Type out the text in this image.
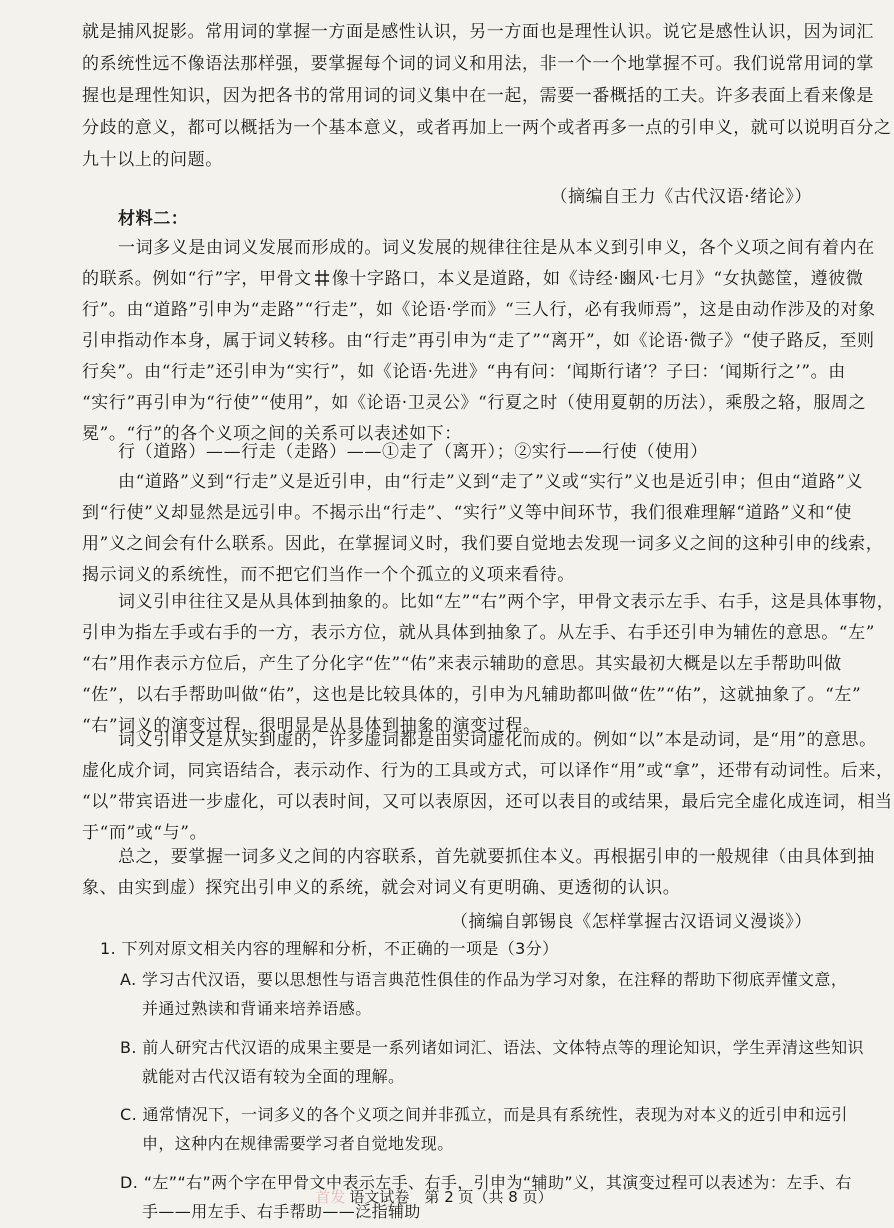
就是捕风捉影。常用词的掌握一方面是感性认识，另一方面也是理性认识。说它是感性认识，因为词汇
的系统性远不像语法那样强，要掌握每个词的词义和用法，非一个一个地掌握不可。我们说常用词的掌
握也是理性知识，因为把各书的常用词的词义集中在一起，需要一番概括的工夫。许多表面上看来像是
分歧的意义，都可以概括为一个基本意义，或者再加上一两个或者再多一点的引申义，就可以说明百分之
九十以上的问题。
（摘编自王力《古代汉语·绪论》）
材料二：
一词多义是由词义发展而形成的。词义发展的规律往往是从本义到引申义，各个义项之间有着内在
的联系。例如“行”字，甲骨文 像十字路口，本义是道路，如《诗经·豳风·七月》“女执懿筐，遵彼微
行”。由“道路”引申为“走路”“行走”，如《论语·学而》“三人行，必有我师焉”，这是由动作涉及的对象
引申指动作本身，属于词义转移。由“行走”再引申为“走了”“离开”，如《论语·微子》“使子路反，至则
行矣”。由“行走”还引申为“实行”，如《论语·先进》“冉有问：‘闻斯行诸’？子曰：‘闻斯行之’”。由
“实行”再引申为“行使”“使用”，如《论语·卫灵公》“行夏之时（使用夏朝的历法），乘殷之辂，服周之
冕”。“行”的各个义项之间的关系可以表述如下：
行（道路）——行走（走路）——①走了（离开）；②实行——行使（使用）
由“道路”义到“行走”义是近引申，由“行走”义到“走了”义或“实行”义也是近引申；但由“道路”义
到“行使”义却显然是远引申。不揭示出“行走”、“实行”义等中间环节，我们很难理解“道路”义和“使
用”义之间会有什么联系。因此，在掌握词义时，我们要自觉地去发现一词多义之间的这种引申的线索，
揭示词义的系统性，而不把它们当作一个个孤立的义项来看待。
词义引申往往又是从具体到抽象的。比如“左”“右”两个字，甲骨文表示左手、右手，这是具体事物，
引申为指左手或右手的一方，表示方位，就从具体到抽象了。从左手、右手还引申为辅佐的意思。“左”
“右”用作表示方位后，产生了分化字“佐”“佑”来表示辅助的意思。其实最初大概是以左手帮助叫做
“佐”，以右手帮助叫做“佑”，这也是比较具体的，引申为凡辅助都叫做“佐”“佑”，这就抽象了。“左”
“右”词义的演变过程，很明显是从具体到抽象的演变过程。
词义引申又是从实到虚的，许多虚词都是由实词虚化而成的。例如“以”本是动词，是“用”的意思。
虚化成介词，同宾语结合，表示动作、行为的工具或方式，可以译作“用”或“拿”，还带有动词性。后来，
“以”带宾语进一步虚化，可以表时间，又可以表原因，还可以表目的或结果，最后完全虚化成连词，相当
于“而”或“与”。
总之，要掌握一词多义之间的内容联系，首先就要抓住本义。再根据引申的一般规律（由具体到抽
象、由实到虚）探究出引申义的系统，就会对词义有更明确、更透彻的认识。
（摘编自郭锡良《怎样掌握古汉语词义漫谈》）
1. 下列对原文相关内容的理解和分析，不正确的一项是（3分）
A. 学习古代汉语，要以思想性与语言典范性俱佳的作品为学习对象，在注释的帮助下彻底弄懂文意，
并通过熟读和背诵来培养语感。
B. 前人研究古代汉语的成果主要是一系列诸如词汇、语法、文体特点等的理论知识，学生弄清这些知识
就能对古代汉语有较为全面的理解。
C. 通常情况下，一词多义的各个义项之间并非孤立，而是具有系统性，表现为对本义的近引申和远引
申，这种内在规律需要学习者自觉地发现。
D. “左”“右”两个字在甲骨文中表示左手、右手，引申为“辅助”义，其演变过程可以表述为：左手、右
手——用左手、右手帮助——泛指辅助
首发 语文试卷　第 2 页（共 8 页）
